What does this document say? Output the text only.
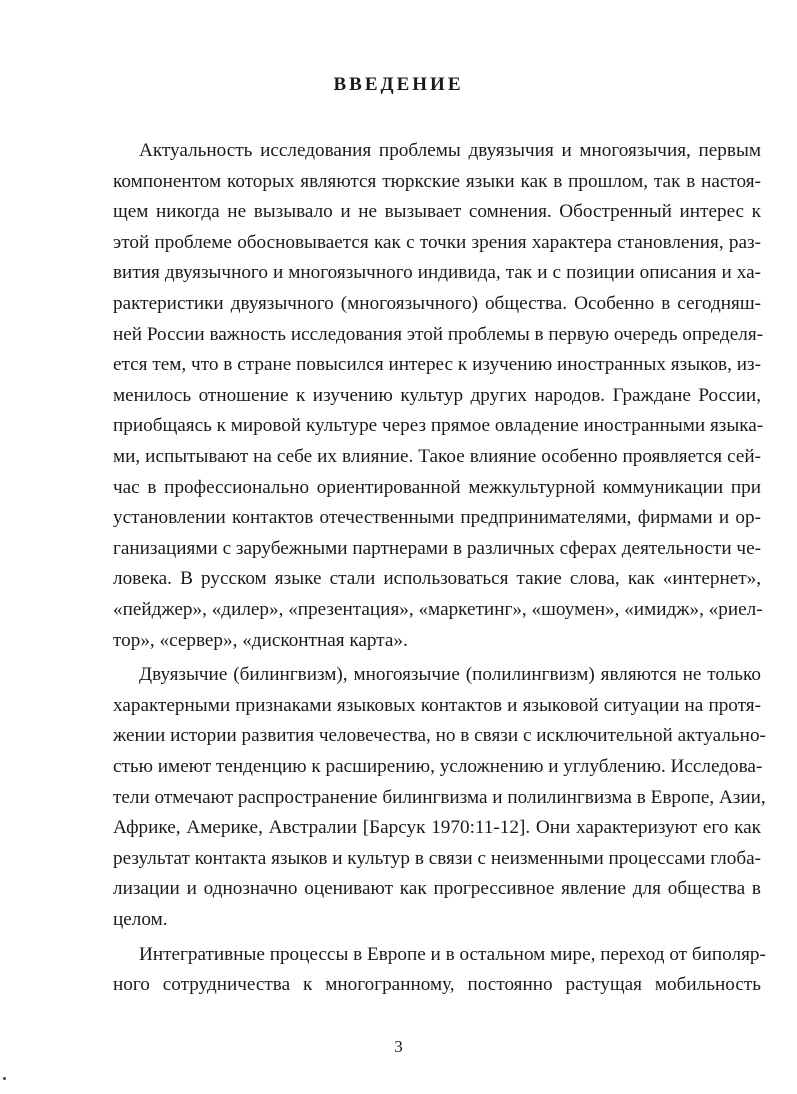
ВВЕДЕНИЕ
Актуальность исследования проблемы двуязычия и многоязычия, первым
компонентом которых являются тюркские языки как в прошлом, так в настоя-
щем никогда не вызывало и не вызывает сомнения. Обостренный интерес к
этой проблеме обосновывается как с точки зрения характера становления, раз-
вития двуязычного и многоязычного индивида, так и с позиции описания и ха-
рактеристики двуязычного (многоязычного) общества. Особенно в сегодняш-
ней России важность исследования этой проблемы в первую очередь определя-
ется тем, что в стране повысился интерес к изучению иностранных языков, из-
менилось отношение к изучению культур других народов. Граждане России,
приобщаясь к мировой культуре через прямое овладение иностранными языка-
ми, испытывают на себе их влияние. Такое влияние особенно проявляется сей-
час в профессионально ориентированной межкультурной коммуникации при
установлении контактов отечественными предпринимателями, фирмами и ор-
ганизациями с зарубежными партнерами в различных сферах деятельности че-
ловека. В русском языке стали использоваться такие слова, как «интернет»,
«пейджер», «дилер», «презентация», «маркетинг», «шоумен», «имидж», «риел-
тор», «сервер», «дисконтная карта».
Двуязычие (билингвизм), многоязычие (полилингвизм) являются не только
характерными признаками языковых контактов и языковой ситуации на протя-
жении истории развития человечества, но в связи с исключительной актуально-
стью имеют тенденцию к расширению, усложнению и углублению. Исследова-
тели отмечают распространение билингвизма и полилингвизма в Европе, Азии,
Африке, Америке, Австралии [Барсук 1970:11-12]. Они характеризуют его как
результат контакта языков и культур в связи с неизменными процессами глоба-
лизации и однозначно оценивают как прогрессивное явление для общества в
целом.
Интегративные процессы в Европе и в остальном мире, переход от биполяр-
ного сотрудничества к многогранному, постоянно растущая мобильность

3
